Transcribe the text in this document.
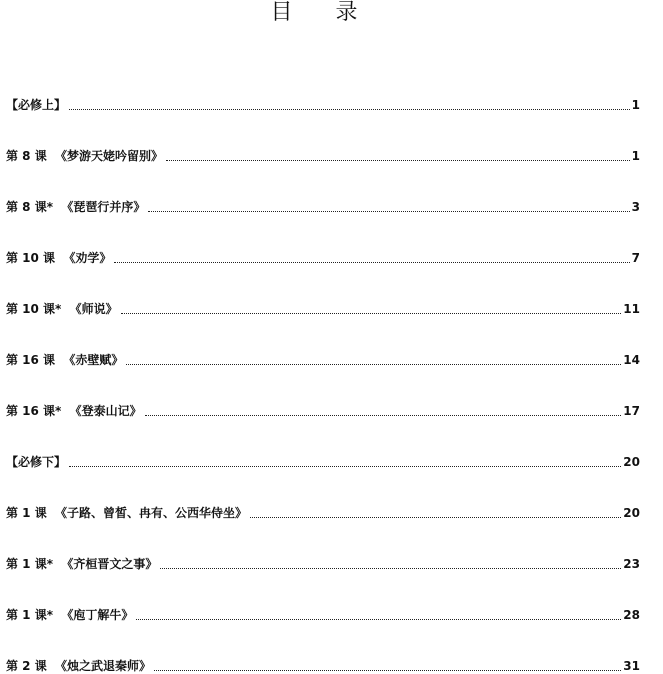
目 录
【必修上】	1
第 8 课  《梦游天姥吟留别》	1
第 8 课*  《琵琶行并序》	3
第 10 课  《劝学》	7
第 10 课*  《师说》	11
第 16 课  《赤壁赋》	14
第 16 课*  《登泰山记》	17
【必修下】	20
第 1 课  《子路、曾皙、冉有、公西华侍坐》	20
第 1 课*  《齐桓晋文之事》	23
第 1 课*  《庖丁解牛》	28
第 2 课  《烛之武退秦师》	31
